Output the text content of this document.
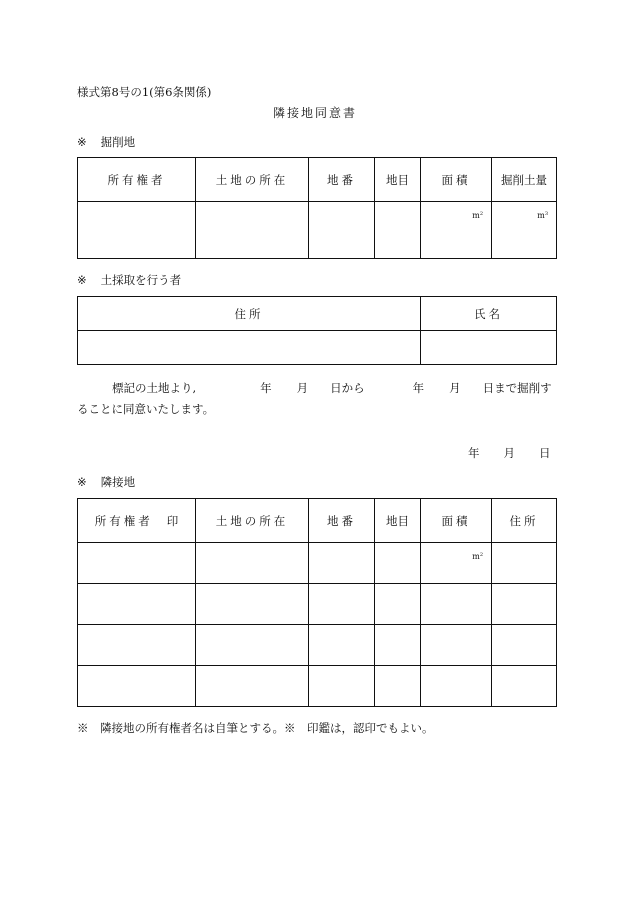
様式第8号の1(第6条関係)
隣接地同意書
※ 掘削地
所有権者	土地の所在	地番	地目	面積	掘削土量

				$m^2$	$m^3$
※ 土採取を行う者
住所	氏名

標記の土地より,	年 月 日から	年 月 日まで掘削す
ることに同意いたします。
年 月 日
※ 隣接地
所有権者 印	土地の所在	地番	地目	面積	住所

				$m^2$

※　隣接地の所有権者名は自筆とする。※　印鑑は，認印でもよい。
